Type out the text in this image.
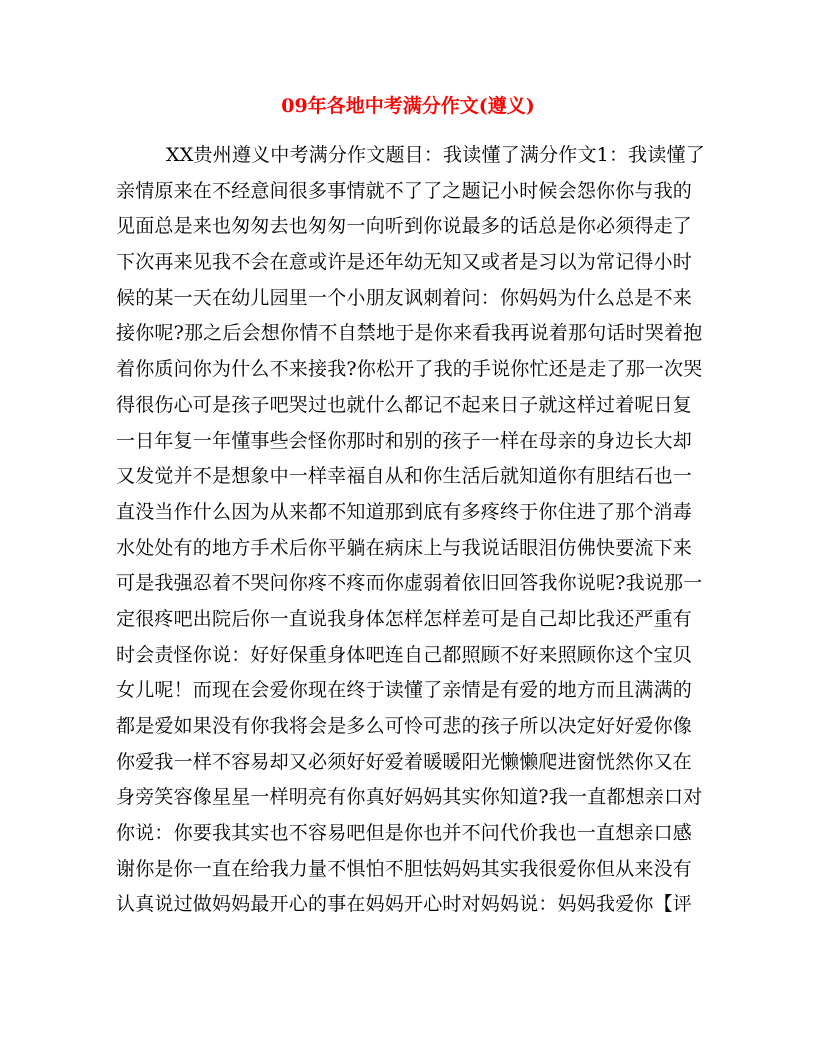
09年各地中考满分作文(遵义)
XX贵州遵义中考满分作文题目：我读懂了满分作文1：我读懂了
亲情原来在不经意间很多事情就不了了之题记小时候会怨你你与我的
见面总是来也匆匆去也匆匆一向听到你说最多的话总是你必须得走了
下次再来见我不会在意或许是还年幼无知又或者是习以为常记得小时
候的某一天在幼儿园里一个小朋友讽刺着问：你妈妈为什么总是不来
接你呢?那之后会想你情不自禁地于是你来看我再说着那句话时哭着抱
着你质问你为什么不来接我?你松开了我的手说你忙还是走了那一次哭
得很伤心可是孩子吧哭过也就什么都记不起来日子就这样过着呢日复
一日年复一年懂事些会怪你那时和别的孩子一样在母亲的身边长大却
又发觉并不是想象中一样幸福自从和你生活后就知道你有胆结石也一
直没当作什么因为从来都不知道那到底有多疼终于你住进了那个消毒
水处处有的地方手术后你平躺在病床上与我说话眼泪仿佛快要流下来
可是我强忍着不哭问你疼不疼而你虚弱着依旧回答我你说呢?我说那一
定很疼吧出院后你一直说我身体怎样怎样差可是自己却比我还严重有
时会责怪你说：好好保重身体吧连自己都照顾不好来照顾你这个宝贝
女儿呢！而现在会爱你现在终于读懂了亲情是有爱的地方而且满满的
都是爱如果没有你我将会是多么可怜可悲的孩子所以决定好好爱你像
你爱我一样不容易却又必须好好爱着暖暖阳光懒懒爬进窗恍然你又在
身旁笑容像星星一样明亮有你真好妈妈其实你知道?我一直都想亲口对
你说：你要我其实也不容易吧但是你也并不问代价我也一直想亲口感
谢你是你一直在给我力量不惧怕不胆怯妈妈其实我很爱你但从来没有
认真说过做妈妈最开心的事在妈妈开心时对妈妈说：妈妈我爱你【评
